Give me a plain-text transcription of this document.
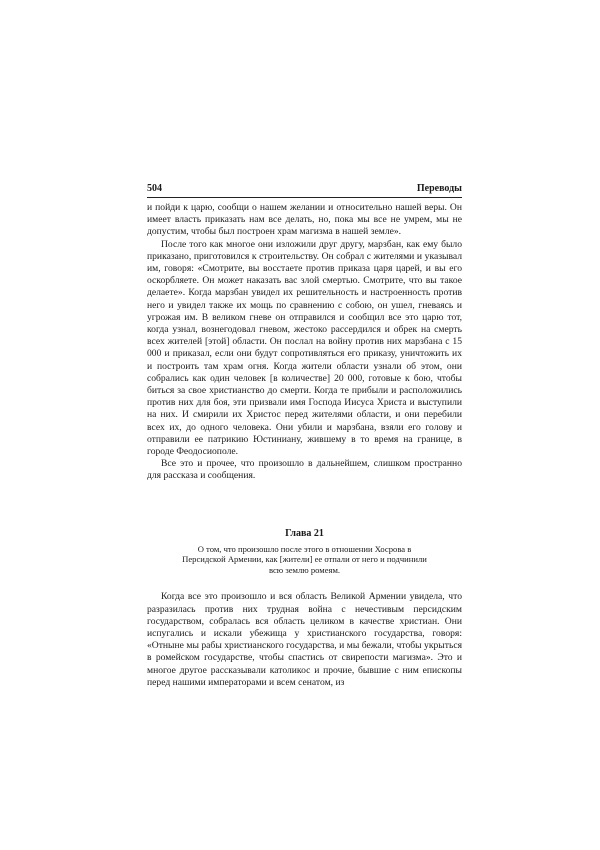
504	Переводы

и пойди к царю, сообщи о нашем желании и относительно нашей веры. Он имеет власть приказать нам все делать, но, пока мы все не умрем, мы не допустим, чтобы был построен храм магизма в нашей земле».

После того как многое они изложили друг другу, марзбан, как ему было приказано, приготовился к строительству. Он собрал с жителями и указывал им, говоря: «Смотрите, вы восстаете против приказа царя царей, и вы его оскорбляете. Он может наказать вас злой смертью. Смотрите, что вы такое делаете». Когда марзбан увидел их решительность и настроенность против него и увидел также их мощь по сравнению с собою, он ушел, гневаясь и угрожая им. В великом гневе он отправился и сообщил все это царю тот, когда узнал, вознегодовал гневом, жестоко рассердился и обрек на смерть всех жителей [этой] области. Он послал на войну против них марзбана с 15 000 и приказал, если они будут сопротивляться его приказу, уничтожить их и построить там храм огня. Когда жители области узнали об этом, они собрались как один человек [в количестве] 20 000, готовые к бою, чтобы биться за свое христианство до смерти. Когда те прибыли и расположились против них для боя, эти призвали имя Господа Иисуса Христа и выступили на них. И смирили их Христос перед жителями области, и они перебили всех их, до одного человека. Они убили и марзбана, взяли его голову и отправили ее патрикию Юстиниану, жившему в то время на границе, в городе Феодосиополе.

Все это и прочее, что произошло в дальнейшем, слишком пространно для рассказа и сообщения.

Глава 21
О том, что произошло после этого в отношении Хосрова в Персидской Армении, как [жители] ее отпали от него и подчинили всю землю ромеям.

Когда все это произошло и вся область Великой Армении увидела, что разразилась против них трудная война с нечестивым персидским государством, собралась вся область целиком в качестве христиан. Они испугались и искали убежища у христианского государства, говоря: «Отныне мы рабы христианского государства, и мы бежали, чтобы укрыться в ромейском государстве, чтобы спастись от свирепости магизма». Это и многое другое рассказывали католикос и прочие, бывшие с ним епископы перед нашими императорами и всем сенатом, из
